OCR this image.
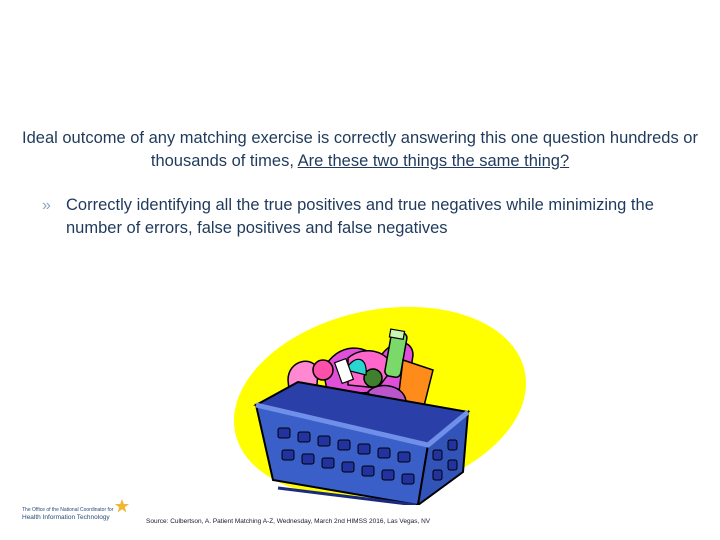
Ideal outcome of any matching exercise is correctly answering this one question hundreds or thousands of times, Are these two things the same thing?
» Correctly identifying all the true positives and true negatives while minimizing the number of errors, false positives and false negatives
The Office of the National Coordinator for
Health Information Technology
Source: Culbertson, A. Patient Matching A-Z, Wednesday, March 2nd HIMSS 2016, Las Vegas, NV
